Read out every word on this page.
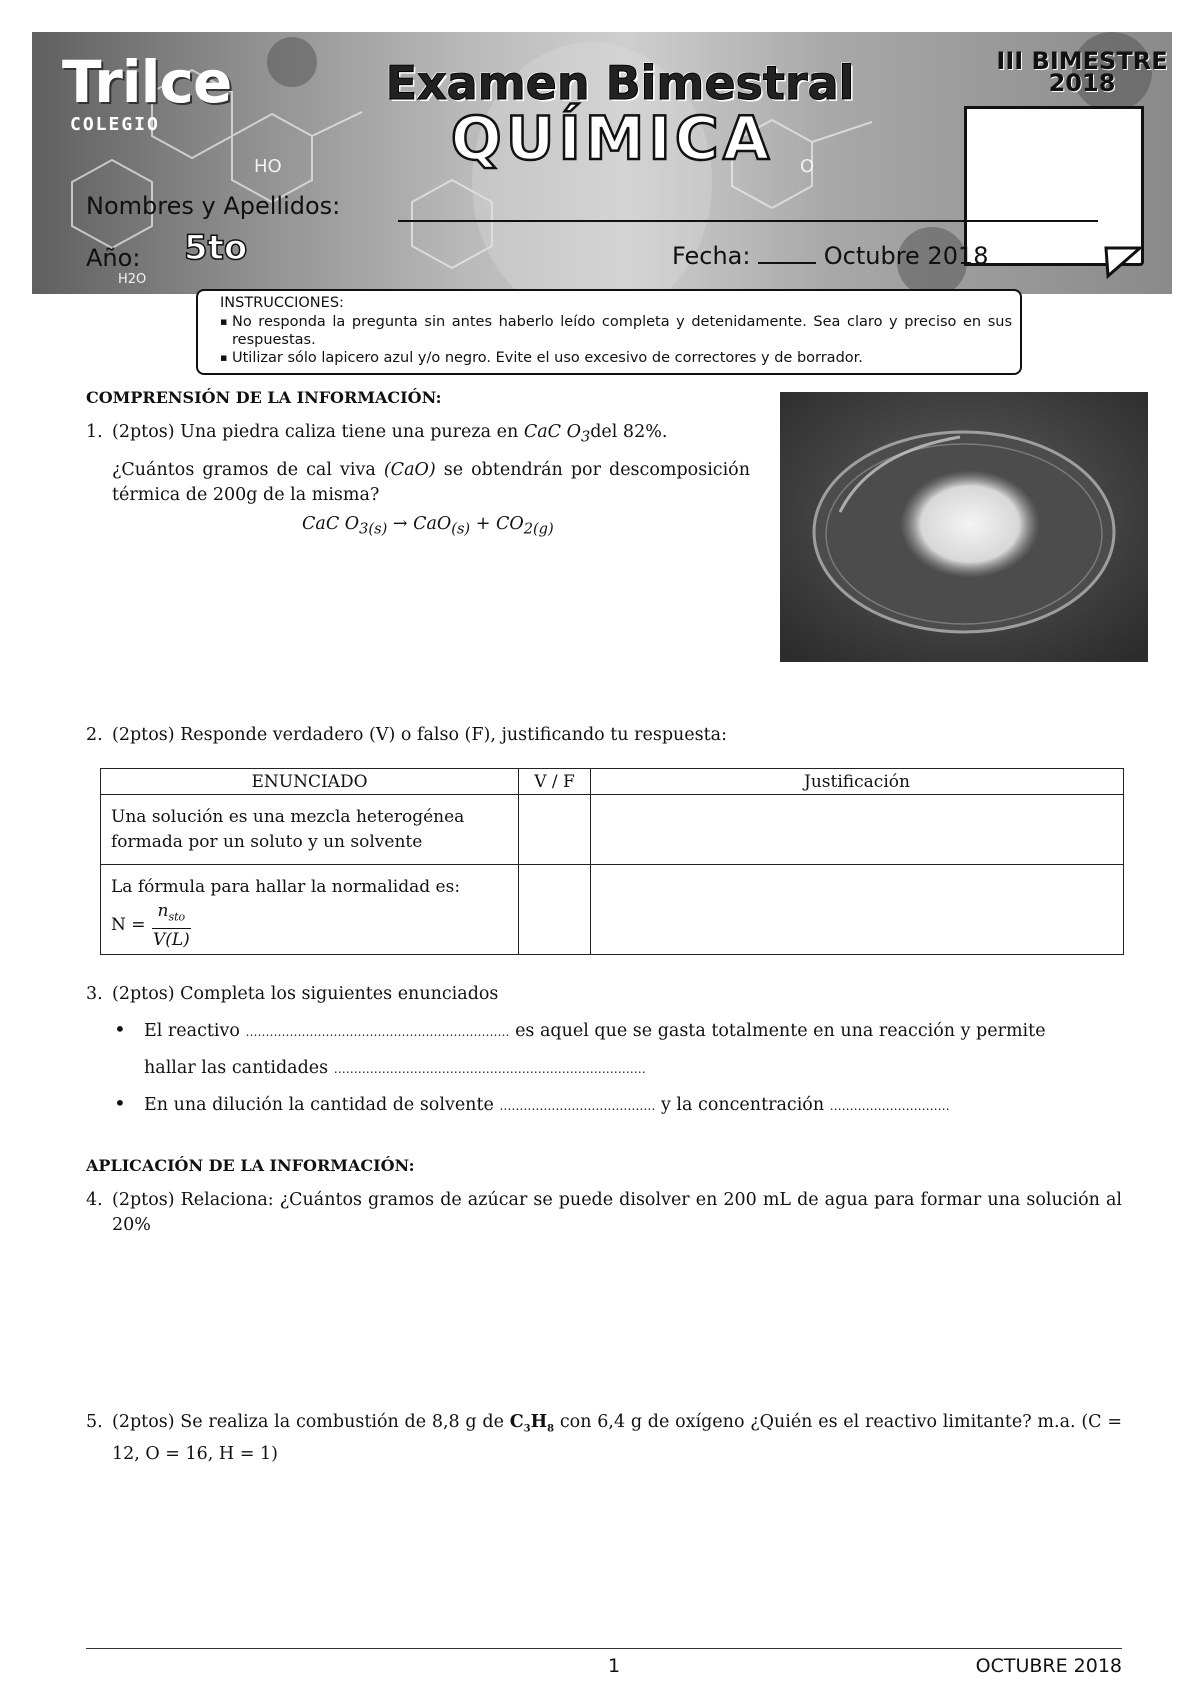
Trilce
COLEGIO
HO	O
H2O
Examen Bimestral
QUÍMICA
III BIMESTRE
2018
Nombres y Apellidos:
Año: 5to	Fecha:	Octubre 2018
INSTRUCCIONES:
▪ No responda la pregunta sin antes haberlo leído completa y detenidamente. Sea claro y preciso en sus respuestas.
▪ Utilizar sólo lapicero azul y/o negro. Evite el uso excesivo de correctores y de borrador.
COMPRENSIÓN DE LA INFORMACIÓN:
1. (2ptos) Una piedra caliza tiene una pureza en CaC $O_3del$ 82%.
¿Cuántos gramos de cal viva (CaO) se obtendrán por descomposición térmica de 200g de la misma?
CaC $O_{3(s)} \to CaO_{(s)} + CO_{2(g)}$
2. (2ptos) Responde verdadero (V) o falso (F), justificando tu respuesta:
ENUNCIADO	V / F	Justificación
Una solución es una mezcla heterogénea formada por un soluto y un solvente		

La fórmula para hallar la normalidad es:
N =
$n_{sto}$
V(L)		

3. (2ptos) Completa los siguientes enunciados
• El reactivo ………………………………………………………… es aquel que se gasta totalmente en una reacción y permite
hallar las cantidades ……………………………………………………………………
• En una dilución la cantidad de solvente ………………………………… y la concentración …………………………
APLICACIÓN DE LA INFORMACIÓN:
4. (2ptos) Relaciona: ¿Cuántos gramos de azúcar se puede disolver en 200 mL de agua para formar una solución al 20%
5. (2ptos) Se realiza la combustión de 8,8 g de $C_3H_8$ con 6,4 g de oxígeno ¿Quién es el reactivo limitante? m.a. (C = 12, O = 16, H = 1)
1	OCTUBRE 2018
